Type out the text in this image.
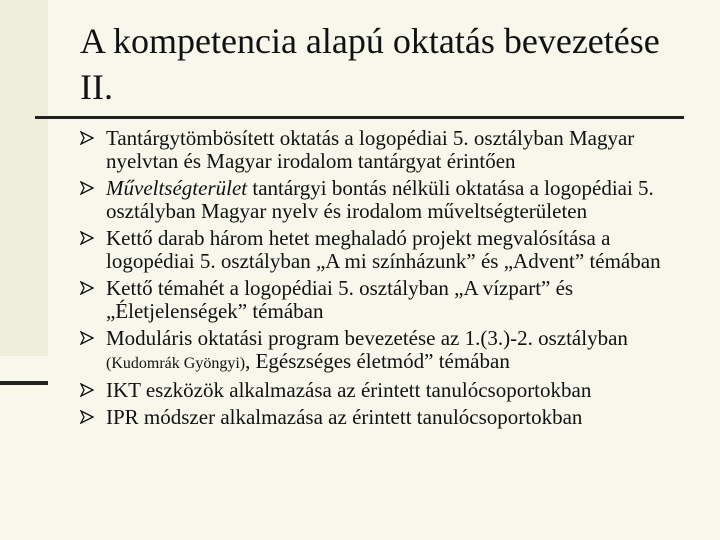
A kompetencia alapú oktatás bevezetése II.
Tantárgytömbösített oktatás a logopédiai 5. osztályban Magyar nyelvtan és Magyar irodalom tantárgyat érintően
Műveltségterület tantárgyi bontás nélküli oktatása a logopédiai 5. osztályban Magyar nyelv és irodalom műveltségterületen
Kettő darab három hetet meghaladó projekt megvalósítása a logopédiai 5. osztályban „A mi színházunk” és „Advent” témában
Kettő témahét a logopédiai 5. osztályban „A vízpart” és „Életjelenségek” témában
Moduláris oktatási program bevezetése az 1.(3.)-2. osztályban (Kudomrák Gyöngyi), Egészséges életmód” témában
IKT eszközök alkalmazása az érintett tanulócsoportokban
IPR módszer alkalmazása az érintett tanulócsoportokban
